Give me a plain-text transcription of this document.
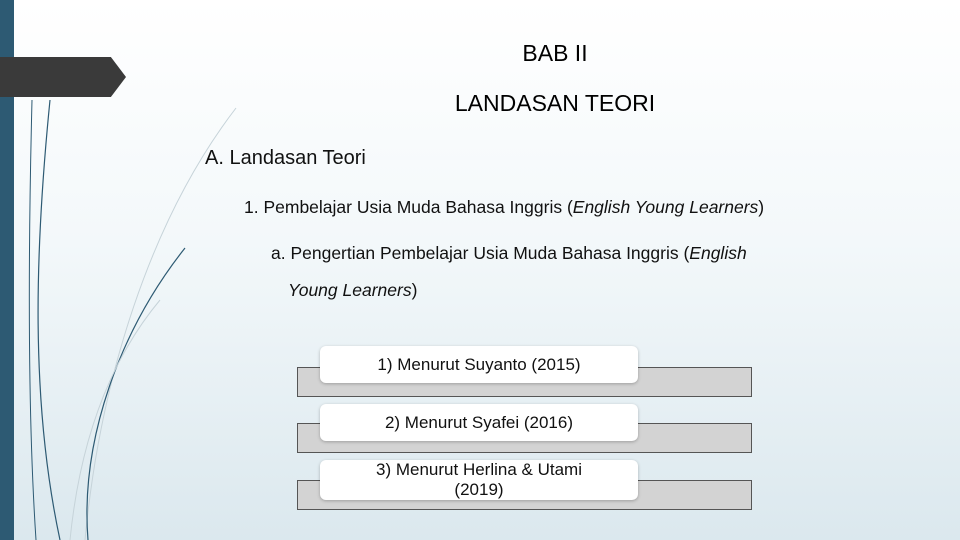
BAB II
LANDASAN TEORI
A. Landasan Teori
1. Pembelajar Usia Muda Bahasa Inggris (English Young Learners)
a. Pengertian Pembelajar Usia Muda Bahasa Inggris (English
Young Learners)
1) Menurut Suyanto (2015)
2) Menurut Syafei (2016)
3) Menurut Herlina & Utami (2019)
